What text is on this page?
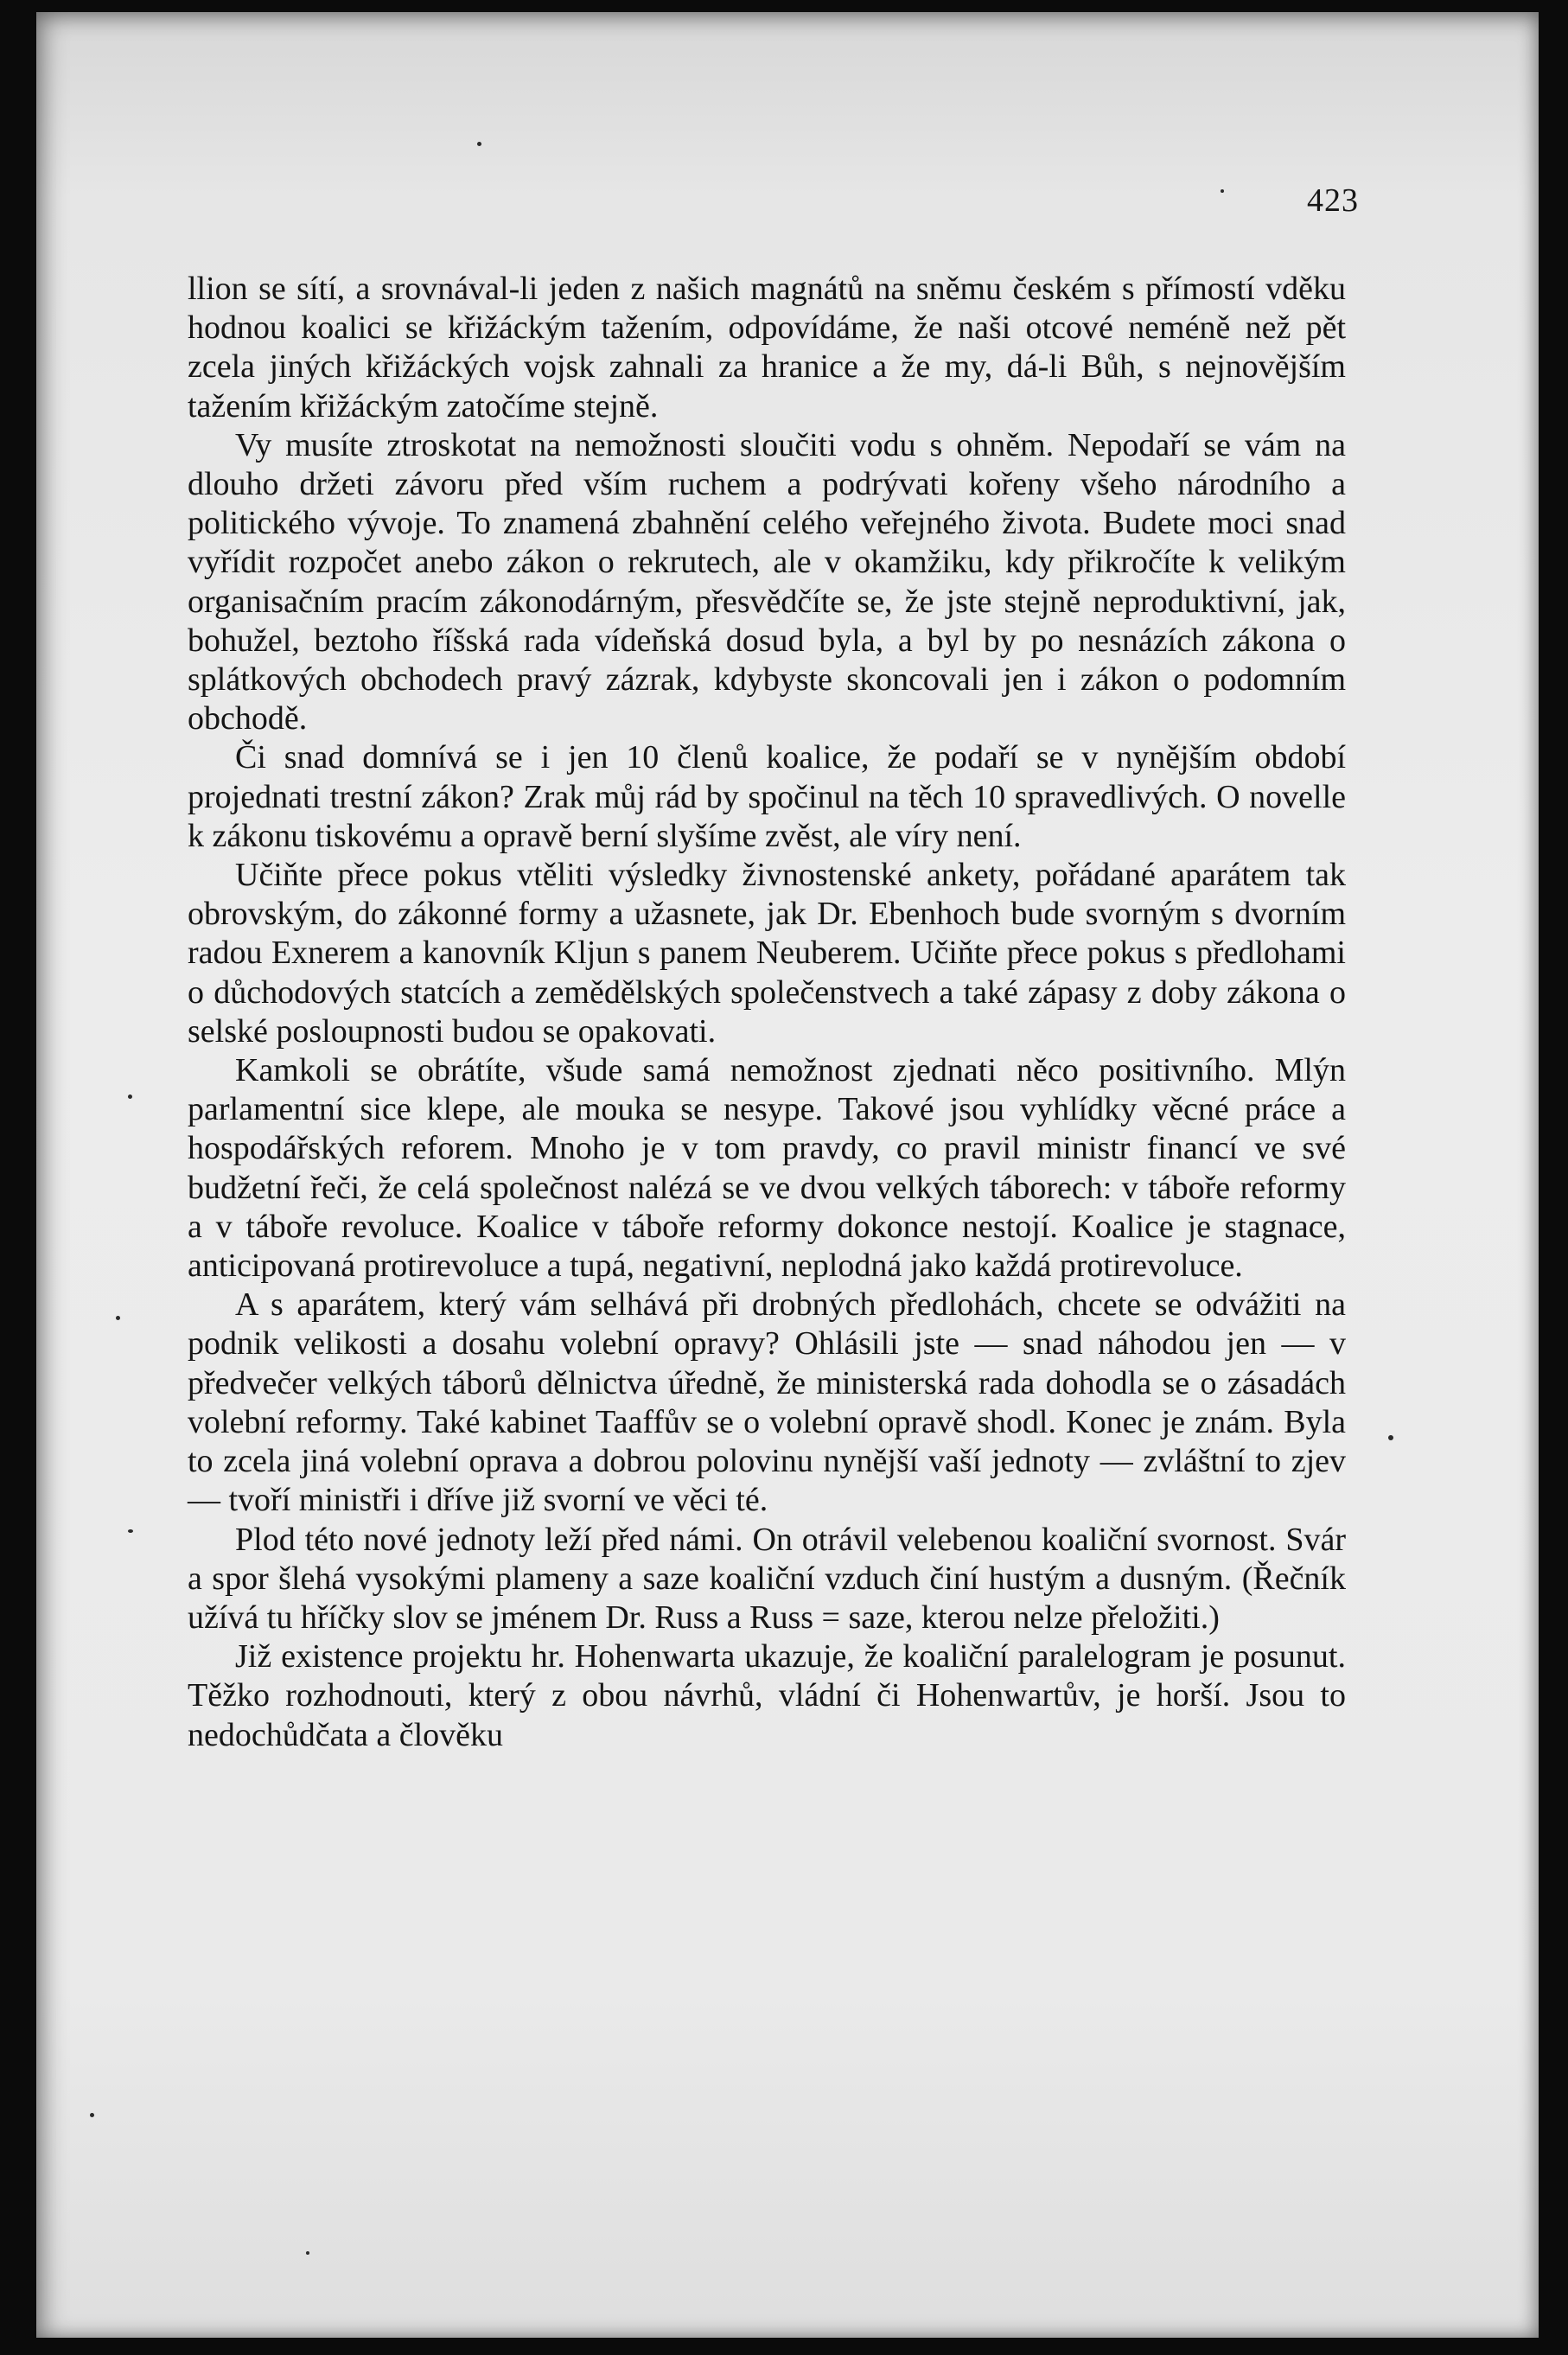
423

llion se sítí, a srovnával-li jeden z našich magnátů na sněmu českém s přímostí vděku hodnou koalici se křižáckým tažením, odpovídáme, že naši otcové neméně než pět zcela jiných křižáckých vojsk zahnali za hranice a že my, dá-li Bůh, s nejnovějším tažením křižáckým zatočíme stejně.

Vy musíte ztroskotat na nemožnosti sloučiti vodu s ohněm. Nepodaří se vám na dlouho držeti závoru před vším ruchem a podrývati kořeny všeho národního a politického vývoje. To znamená zbahnění celého veřejného života. Budete moci snad vyřídit rozpočet anebo zákon o rekrutech, ale v okamžiku, kdy přikročíte k velikým organisačním pracím zákonodárným, přesvědčíte se, že jste stejně neproduktivní, jak, bohužel, beztoho říšská rada vídeňská dosud byla, a byl by po nesnázích zákona o splátkových obchodech pravý zázrak, kdybyste skoncovali jen i zákon o podomním obchodě.

Či snad domnívá se i jen 10 členů koalice, že podaří se v nynějším období projednati trestní zákon? Zrak můj rád by spočinul na těch 10 spravedlivých. O novelle k zákonu tiskovému a opravě berní slyšíme zvěst, ale víry není.

Učiňte přece pokus vtěliti výsledky živnostenské ankety, pořádané aparátem tak obrovským, do zákonné formy a užasnete, jak Dr. Ebenhoch bude svorným s dvorním radou Exnerem a kanovník Kljun s panem Neuberem. Učiňte přece pokus s předlohami o důchodových statcích a zemědělských společenstvech a také zápasy z doby zákona o selské posloupnosti budou se opakovati.

Kamkoli se obrátíte, všude samá nemožnost zjednati něco positivního. Mlýn parlamentní sice klepe, ale mouka se nesype. Takové jsou vyhlídky věcné práce a hospodářských reforem. Mnoho je v tom pravdy, co pravil ministr financí ve své budžetní řeči, že celá společnost nalézá se ve dvou velkých táborech: v táboře reformy a v táboře revoluce. Koalice v táboře reformy dokonce nestojí. Koalice je stagnace, anticipovaná protirevoluce a tupá, negativní, neplodná jako každá protirevoluce.

A s aparátem, který vám selhává při drobných předlohách, chcete se odvážiti na podnik velikosti a dosahu volební opravy? Ohlásili jste — snad náhodou jen — v předvečer velkých táborů dělnictva úředně, že ministerská rada dohodla se o zásadách volební reformy. Také kabinet Taaffův se o volební opravě shodl. Konec je znám. Byla to zcela jiná volební oprava a dobrou polovinu nynější vaší jednoty — zvláštní to zjev — tvoří ministři i dříve již svorní ve věci té.

Plod této nové jednoty leží před námi. On otrávil velebenou koaliční svornost. Svár a spor šlehá vysokými plameny a saze koaliční vzduch činí hustým a dusným. (Řečník užívá tu hříčky slov se jménem Dr. Russ a Russ = saze, kterou nelze přeložiti.)

Již existence projektu hr. Hohenwarta ukazuje, že koaliční paralelogram je posunut. Těžko rozhodnouti, který z obou návrhů, vládní či Hohenwartův, je horší. Jsou to nedochůdčata a člověku
